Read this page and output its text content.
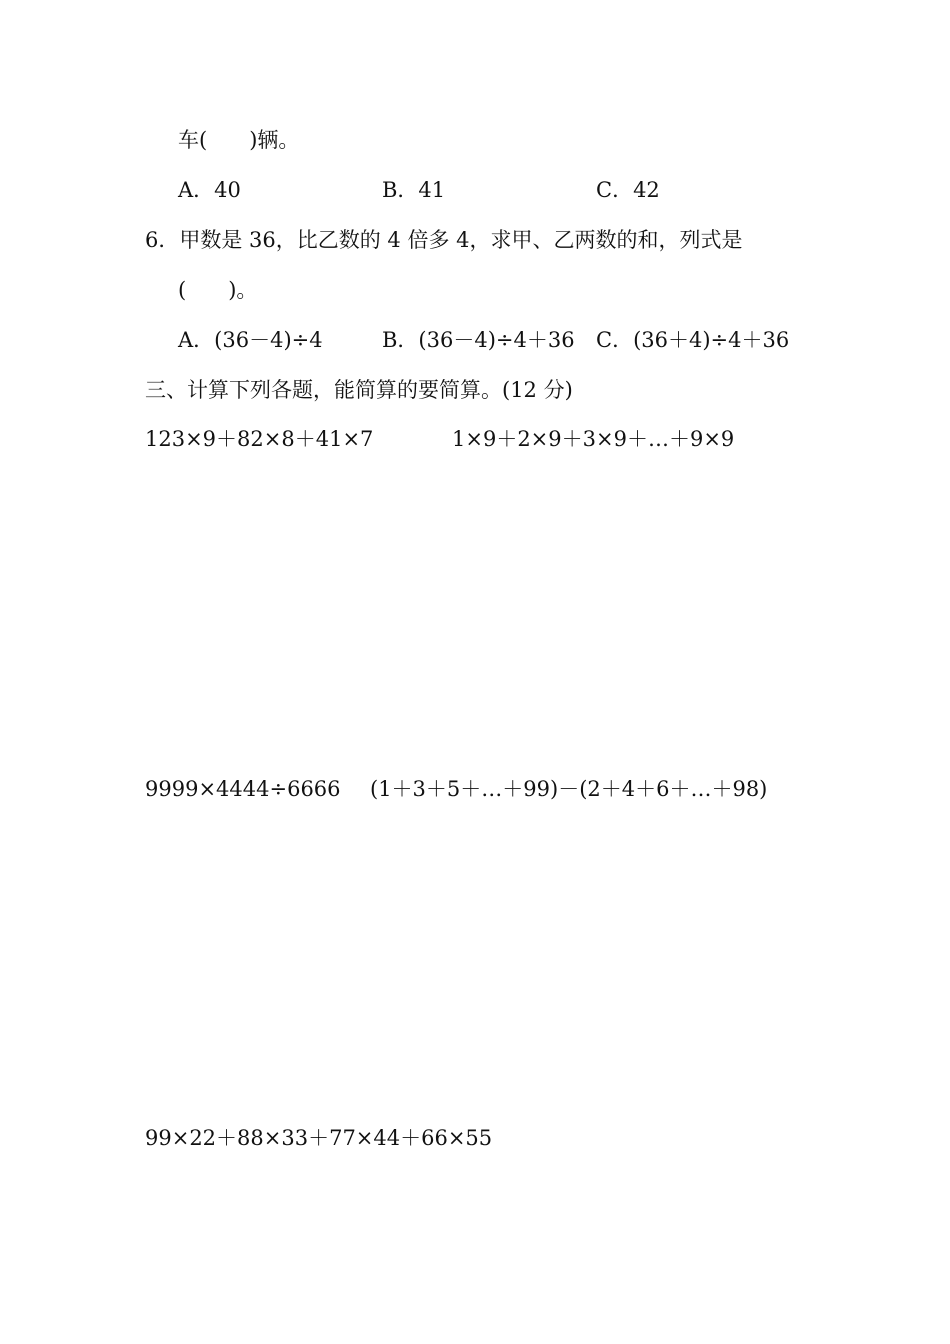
车(　　)辆。
A．40	B．41	C．42
6．甲数是 36，比乙数的 4 倍多 4，求甲、乙两数的和，列式是
(　　)。
A．(36－4)÷4	B．(36－4)÷4＋36 C．(36＋4)÷4＋36
三、计算下列各题，能简算的要简算。(12 分)
123×9＋82×8＋41×7	1×9＋2×9＋3×9＋…＋9×9
9999×4444÷6666 (1＋3＋5＋…＋99)－(2＋4＋6＋…＋98)
99×22＋88×33＋77×44＋66×55
